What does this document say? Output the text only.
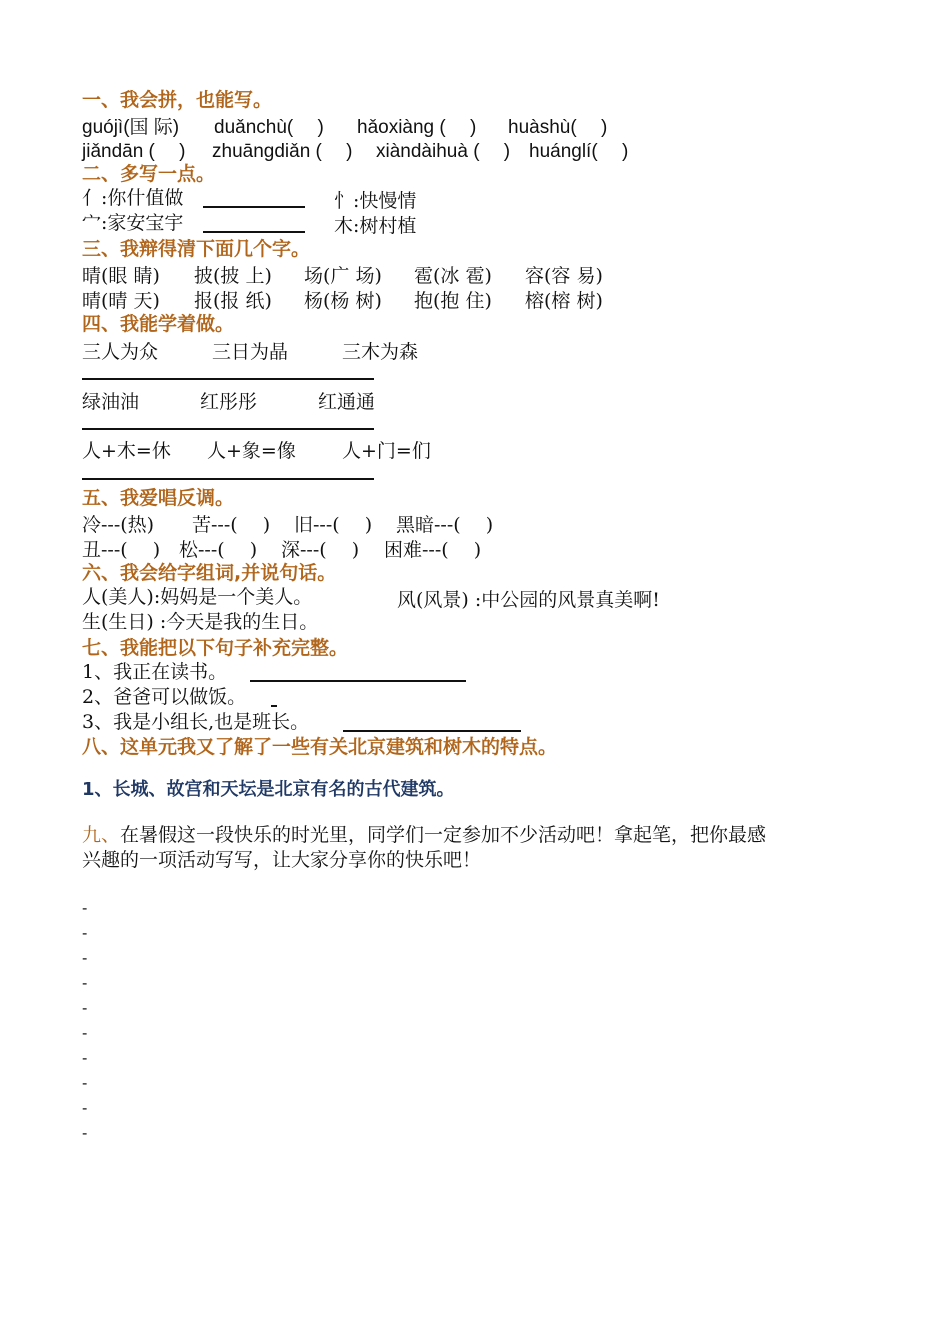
一、我会拼，也能写。
guójì(国 际) duǎnchù(　 ) hǎoxiàng (　 ) huàshù(　 )
jiǎndān (　 ) zhuāngdiǎn (　 ) xiàndàihuà (　 ) huánglí(　 )
二、多写一点。
亻:你什值做	忄:快慢情
宀:家安宝宇	木:树村植
三、我辩得清下面几个字。
晴(眼 睛) 披(披 上) 场(广 场) 雹(冰 雹) 容(容 易)
晴(晴 天) 报(报 纸) 杨(杨 树) 抱(抱 住) 榕(榕 树)
四、我能学着做。
三人为众	三日为晶	三木为森
绿油油	红彤彤	红通通
人+木=休 人+象=像 人+门=们
五、我爱唱反调。
冷---(热) 苦---(　 ) 旧---(　 ) 黑暗---(　 )
丑---(　 ) 松---(　 ) 深---(　 ) 困难---(　 )
六、我会给字组词,并说句话。
人(美人):妈妈是一个美人。	风(风景) :中公园的风景真美啊!
生(生日) :今天是我的生日。
七、我能把以下句子补充完整。
1、我正在读书。
2、爸爸可以做饭。
3、我是小组长,也是班长。
八、这单元我又了解了一些有关北京建筑和树木的特点。
1、长城、故宫和天坛是北京有名的古代建筑。
九、在暑假这一段快乐的时光里，同学们一定参加不少活动吧！拿起笔，把你最感
兴趣的一项活动写写，让大家分享你的快乐吧！
-
-
-
-
-
-
-
-
-
-
